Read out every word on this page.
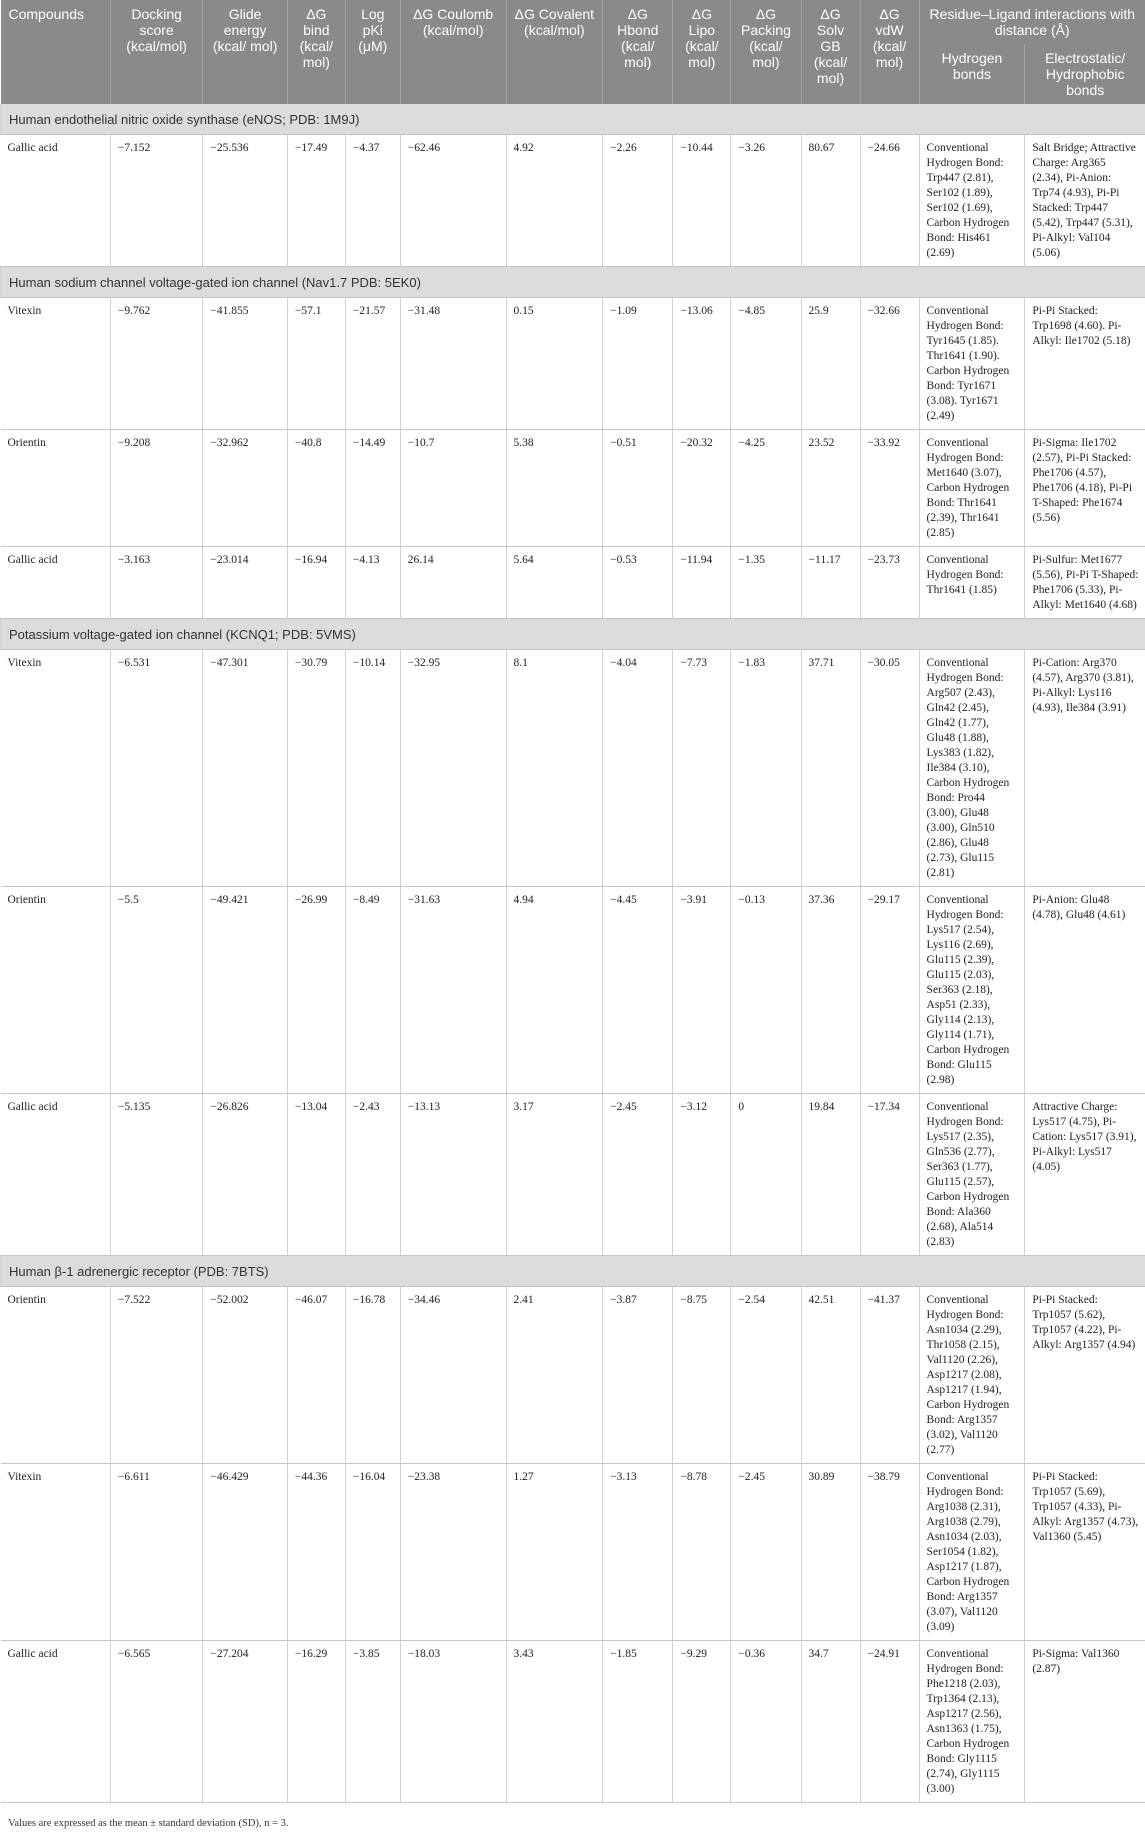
Compounds	Docking score (kcal/mol)	Glide energy (kcal/ mol)	ΔG bind (kcal/ mol)	Log pKi (μM)	ΔG Coulomb (kcal/mol)	ΔG Covalent (kcal/mol)	ΔG Hbond (kcal/ mol)	ΔG Lipo (kcal/ mol)	ΔG Packing (kcal/ mol)	ΔG Solv GB (kcal/ mol)	ΔG vdW (kcal/ mol)	Residue–Ligand interactions with distance (Å)	
												Hydrogen bonds	Electrostatic/ Hydrophobic bonds
Human endothelial nitric oxide synthase (eNOS; PDB: 1M9J)													
Gallic acid	−7.152	−25.536	−17.49	−4.37	−62.46	4.92	−2.26	−10.44	−3.26	80.67	−24.66	Conventional Hydrogen Bond: Trp447 (2.81), Ser102 (1.89), Ser102 (1.69), Carbon Hydrogen Bond: His461 (2.69)	Salt Bridge; Attractive Charge: Arg365 (2.34), Pi-Anion: Trp74 (4.93), Pi-Pi Stacked: Trp447 (5.42), Trp447 (5.31), Pi-Alkyl: Val104 (5.06)
Human sodium channel voltage-gated ion channel (Nav1.7 PDB: 5EK0)													
Vitexin	−9.762	−41.855	−57.1	−21.57	−31.48	0.15	−1.09	−13.06	−4.85	25.9	−32.66	Conventional Hydrogen Bond: Tyr1645 (1.85). Thr1641 (1.90). Carbon Hydrogen Bond: Tyr1671 (3.08). Tyr1671 (2.49)	Pi-Pi Stacked: Trp1698 (4.60). Pi-Alkyl: Ile1702 (5.18)
Orientin	−9.208	−32.962	−40.8	−14.49	−10.7	5.38	−0.51	−20.32	−4.25	23.52	−33.92	Conventional Hydrogen Bond: Met1640 (3.07), Carbon Hydrogen Bond: Thr1641 (2.39), Thr1641 (2.85)	Pi-Sigma: Ile1702 (2.57), Pi-Pi Stacked: Phe1706 (4.57), Phe1706 (4.18), Pi-Pi T-Shaped: Phe1674 (5.56)
Gallic acid	−3.163	−23.014	−16.94	−4.13	26.14	5.64	−0.53	−11.94	−1.35	−11.17	−23.73	Conventional Hydrogen Bond: Thr1641 (1.85)	Pi-Sulfur: Met1677 (5.56), Pi-Pi T-Shaped: Phe1706 (5.33), Pi-Alkyl: Met1640 (4.68)
Potassium voltage-gated ion channel (KCNQ1; PDB: 5VMS)													
Vitexin	−6.531	−47.301	−30.79	−10.14	−32.95	8.1	−4.04	−7.73	−1.83	37.71	−30.05	Conventional Hydrogen Bond: Arg507 (2.43), Gln42 (2.45), Gln42 (1.77), Glu48 (1.88), Lys383 (1.82), Ile384 (3.10), Carbon Hydrogen Bond: Pro44 (3.00), Glu48 (3.00), Gln510 (2.86), Glu48 (2.73), Glu115 (2.81)	Pi-Cation: Arg370 (4.57), Arg370 (3.81), Pi-Alkyl: Lys116 (4.93), Ile384 (3.91)
Orientin	−5.5	−49.421	−26.99	−8.49	−31.63	4.94	−4.45	−3.91	−0.13	37.36	−29.17	Conventional Hydrogen Bond: Lys517 (2.54), Lys116 (2.69), Glu115 (2.39), Glu115 (2.03), Ser363 (2.18), Asp51 (2.33), Gly114 (2.13), Gly114 (1.71), Carbon Hydrogen Bond: Glu115 (2.98)	Pi-Anion: Glu48 (4.78), Glu48 (4.61)
Gallic acid	−5.135	−26.826	−13.04	−2.43	−13.13	3.17	−2.45	−3.12	0	19.84	−17.34	Conventional Hydrogen Bond: Lys517 (2.35), Gln536 (2.77), Ser363 (1.77), Glu115 (2.57), Carbon Hydrogen Bond: Ala360 (2.68), Ala514 (2.83)	Attractive Charge: Lys517 (4.75), Pi-Cation: Lys517 (3.91), Pi-Alkyl: Lys517 (4.05)
Human β-1 adrenergic receptor (PDB: 7BTS)													
Orientin	−7.522	−52.002	−46.07	−16.78	−34.46	2.41	−3.87	−8.75	−2.54	42.51	−41.37	Conventional Hydrogen Bond: Asn1034 (2.29), Thr1058 (2.15), Val1120 (2.26), Asp1217 (2.08), Asp1217 (1.94), Carbon Hydrogen Bond: Arg1357 (3.02), Val1120 (2.77)	Pi-Pi Stacked: Trp1057 (5.62), Trp1057 (4.22), Pi-Alkyl: Arg1357 (4.94)
Vitexin	−6.611	−46.429	−44.36	−16.04	−23.38	1.27	−3.13	−8.78	−2.45	30.89	−38.79	Conventional Hydrogen Bond: Arg1038 (2.31), Arg1038 (2.79), Asn1034 (2.03), Ser1054 (1.82), Asp1217 (1.87), Carbon Hydrogen Bond: Arg1357 (3.07), Val1120 (3.09)	Pi-Pi Stacked: Trp1057 (5.69), Trp1057 (4.33), Pi-Alkyl: Arg1357 (4.73), Val1360 (5.45)
Gallic acid	−6.565	−27.204	−16.29	−3.85	−18.03	3.43	−1.85	−9.29	−0.36	34.7	−24.91	Conventional Hydrogen Bond: Phe1218 (2.03), Trp1364 (2.13), Asp1217 (2.56), Asn1363 (1.75), Carbon Hydrogen Bond: Gly1115 (2.74), Gly1115 (3.00)	Pi-Sigma: Val1360 (2.87)
Values are expressed as the mean ± standard deviation (SD), n = 3.
